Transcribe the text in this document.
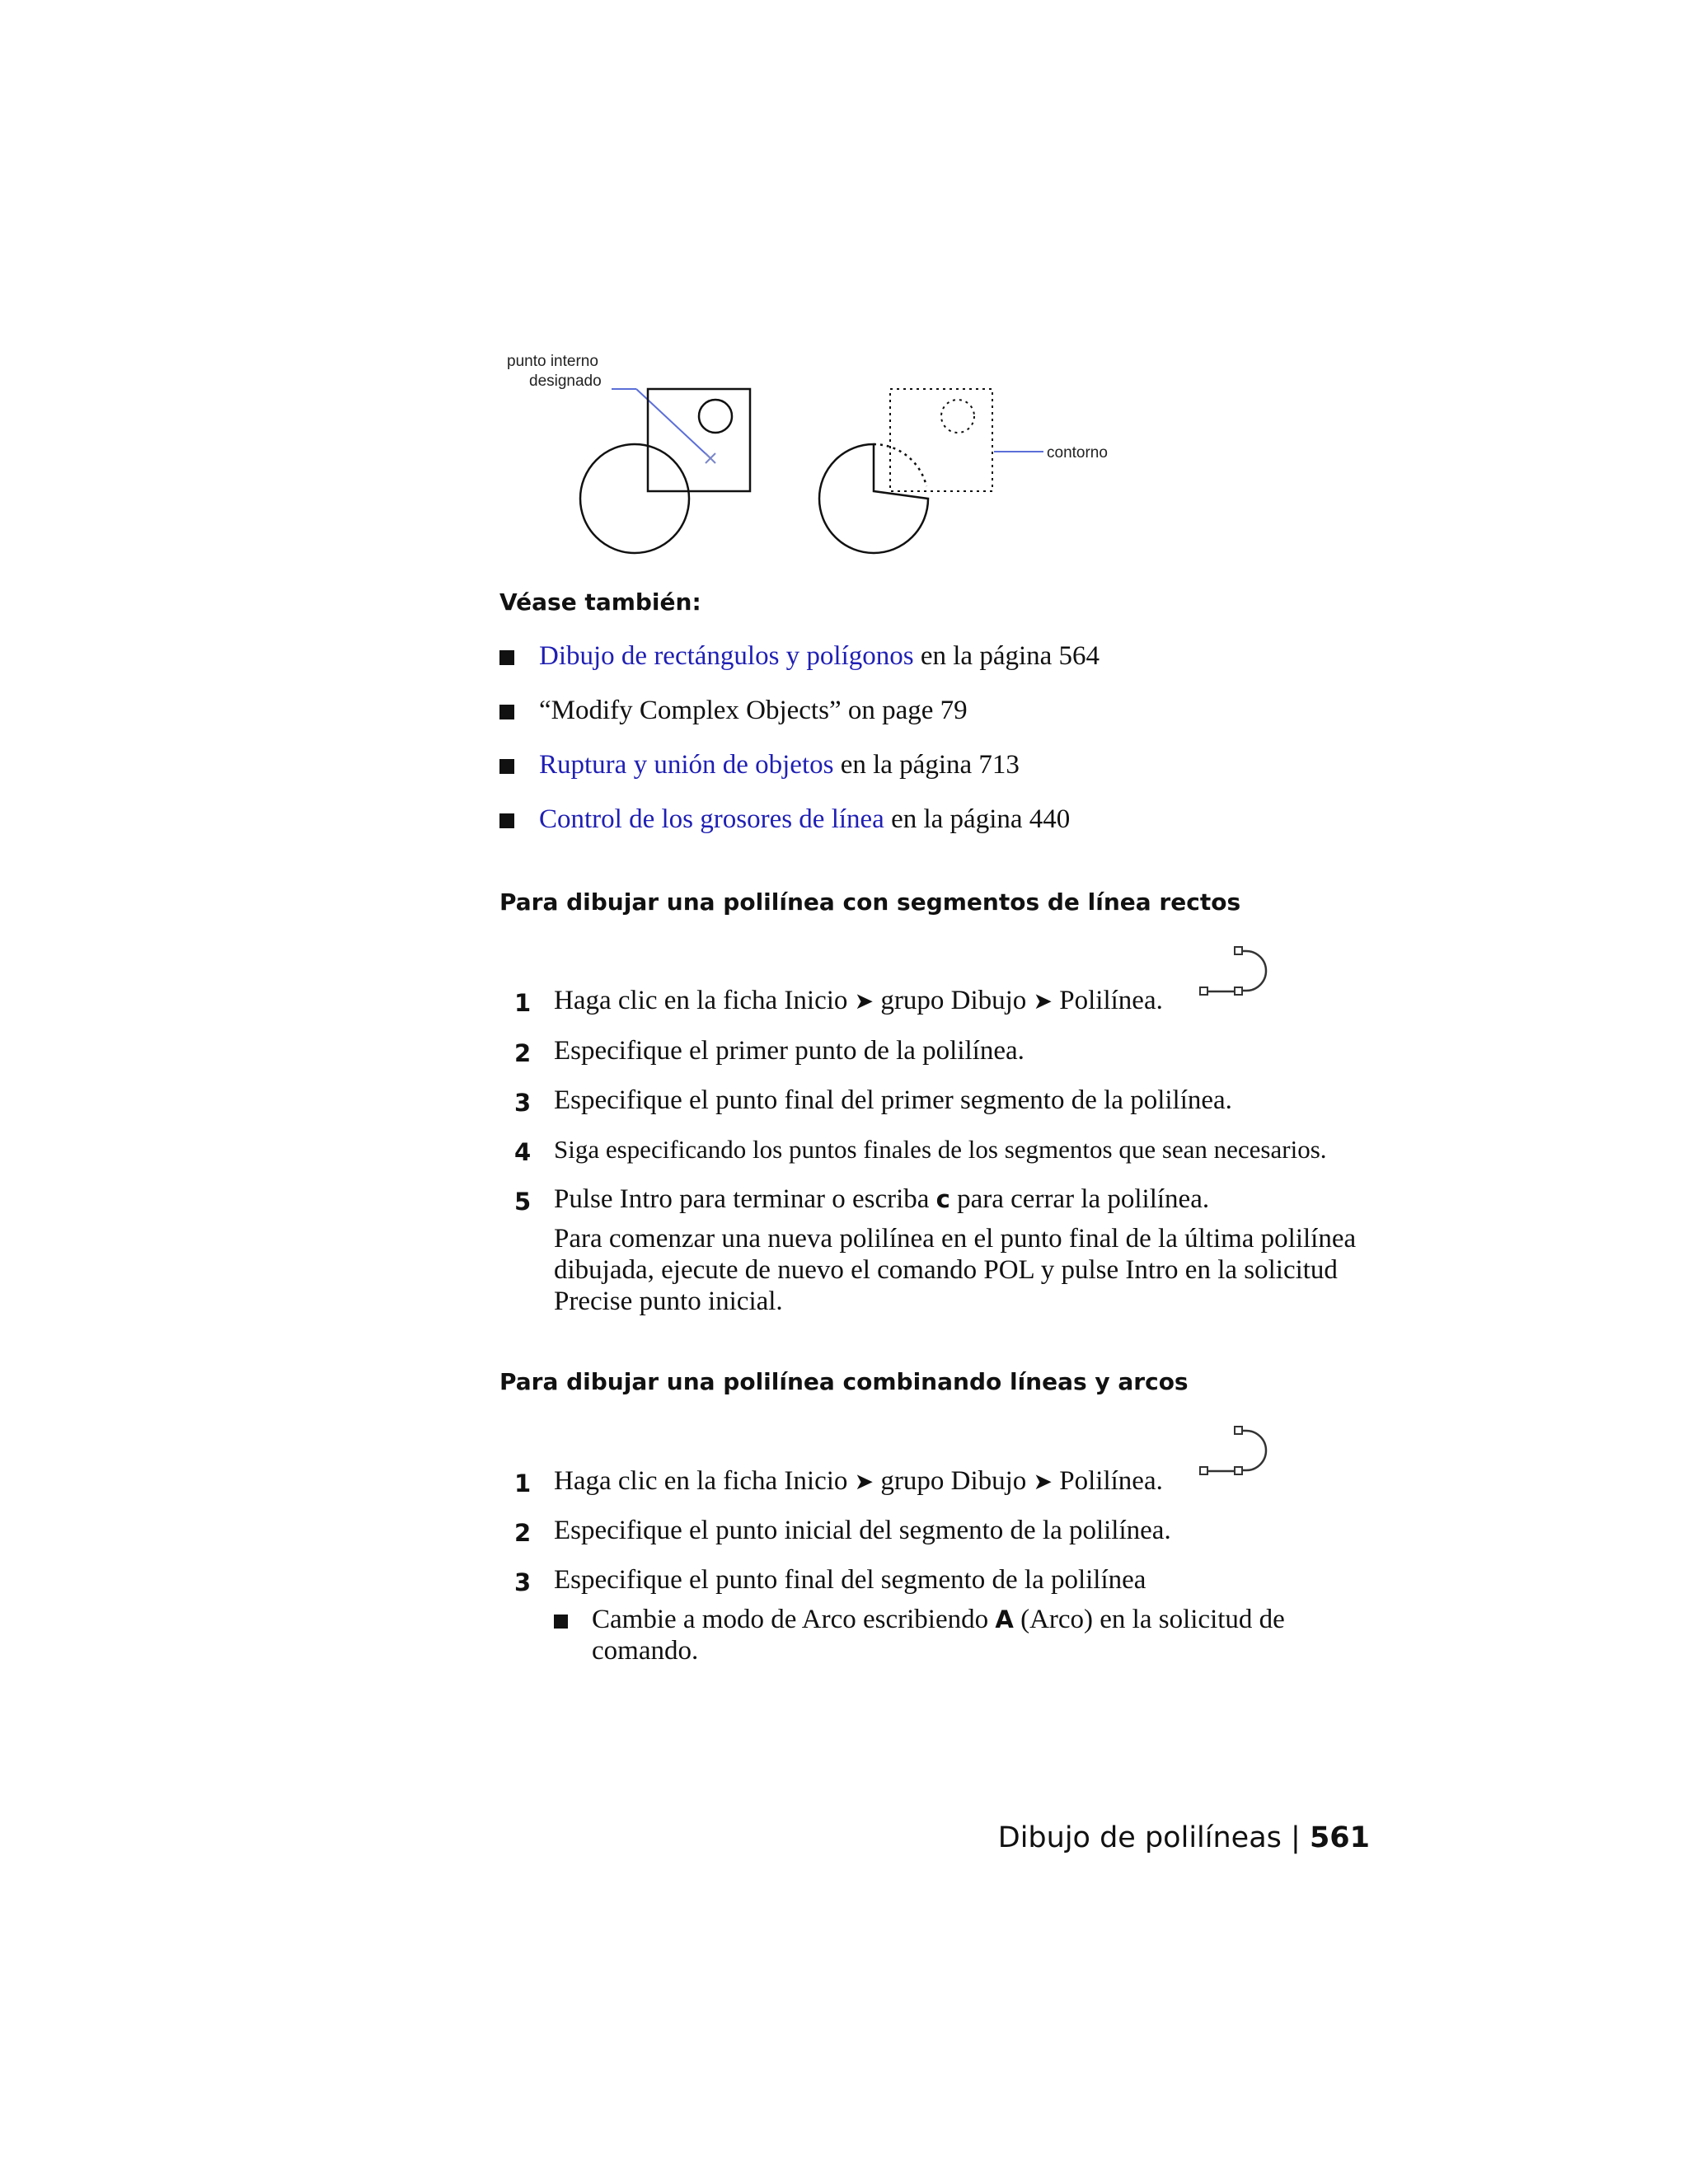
punto interno
designado
contorno
Véase también:
Dibujo de rectángulos y polígonos en la página 564
“Modify Complex Objects” on page 79
Ruptura y unión de objetos en la página 713
Control de los grosores de línea en la página 440
Para dibujar una polilínea con segmentos de línea rectos
1 Haga clic en la ficha Inicio ➤ grupo Dibujo ➤ Polilínea.
2 Especifique el primer punto de la polilínea.
3 Especifique el punto final del primer segmento de la polilínea.
4 Siga especificando los puntos finales de los segmentos que sean necesarios.
5 Pulse Intro para terminar o escriba c para cerrar la polilínea.
Para comenzar una nueva polilínea en el punto final de la última polilínea dibujada, ejecute de nuevo el comando POL y pulse Intro en la solicitud Precise punto inicial.
Para dibujar una polilínea combinando líneas y arcos
1 Haga clic en la ficha Inicio ➤ grupo Dibujo ➤ Polilínea.
2 Especifique el punto inicial del segmento de la polilínea.
3 Especifique el punto final del segmento de la polilínea
Cambie a modo de Arco escribiendo A (Arco) en la solicitud de comando.
Dibujo de polilíneas | 561
